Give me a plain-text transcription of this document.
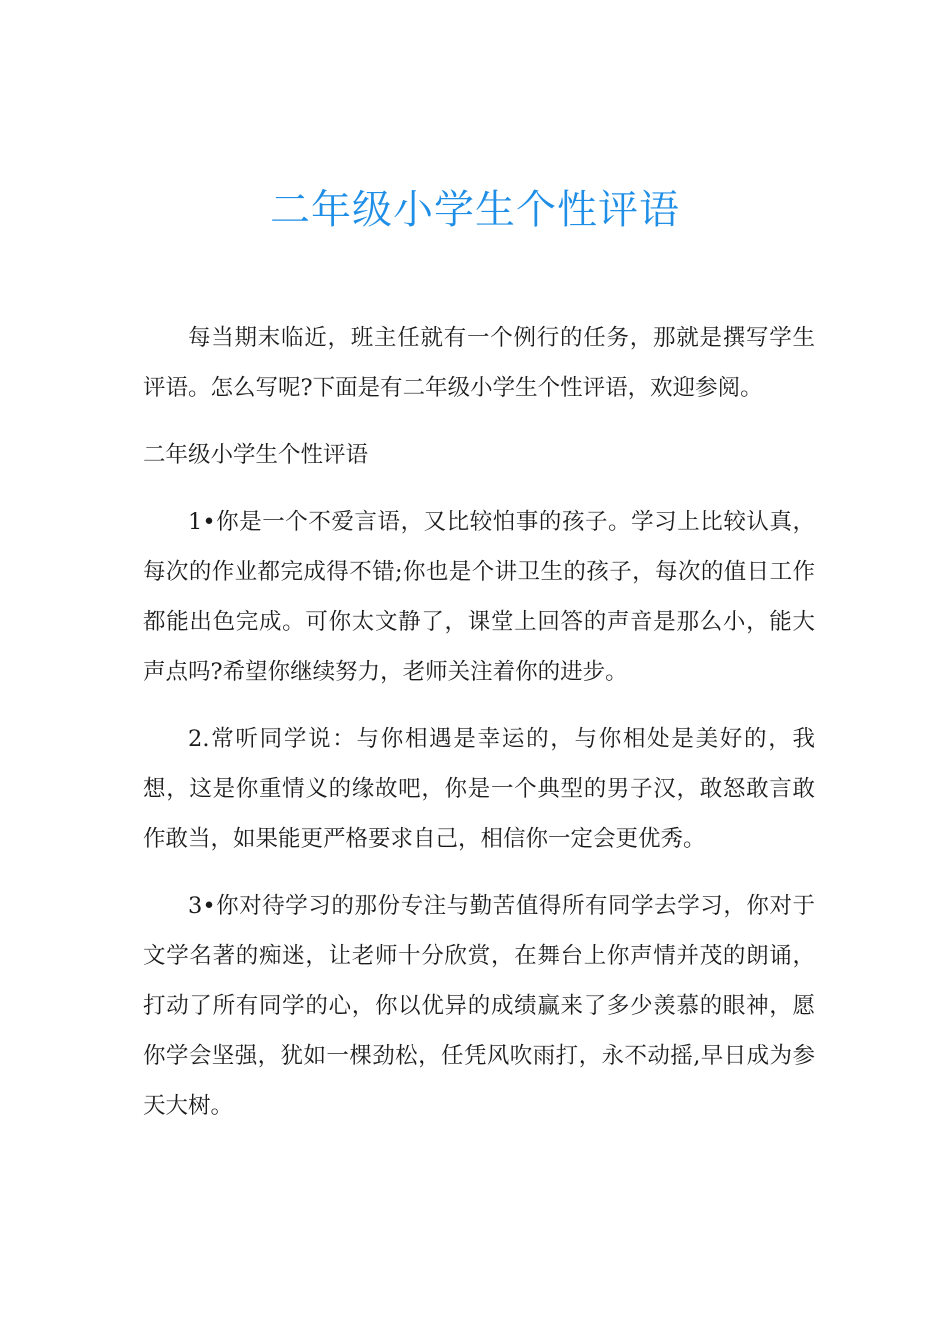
二年级小学生个性评语

每当期末临近，班主任就有一个例行的任务，那就是撰写学生评语。怎么写呢?下面是有二年级小学生个性评语，欢迎参阅。

二年级小学生个性评语

1•你是一个不爱言语，又比较怕事的孩子。学习上比较认真，每次的作业都完成得不错;你也是个讲卫生的孩子，每次的值日工作都能出色完成。可你太文静了，课堂上回答的声音是那么小，能大声点吗?希望你继续努力，老师关注着你的进步。

2.常听同学说：与你相遇是幸运的，与你相处是美好的，我想，这是你重情义的缘故吧，你是一个典型的男子汉，敢怒敢言敢作敢当，如果能更严格要求自己，相信你一定会更优秀。

3•你对待学习的那份专注与勤苦值得所有同学去学习，你对于文学名著的痴迷，让老师十分欣赏，在舞台上你声情并茂的朗诵，打动了所有同学的心，你以优异的成绩赢来了多少羡慕的眼神，愿你学会坚强，犹如一棵劲松，任凭风吹雨打，永不动摇,早日成为参天大树。
